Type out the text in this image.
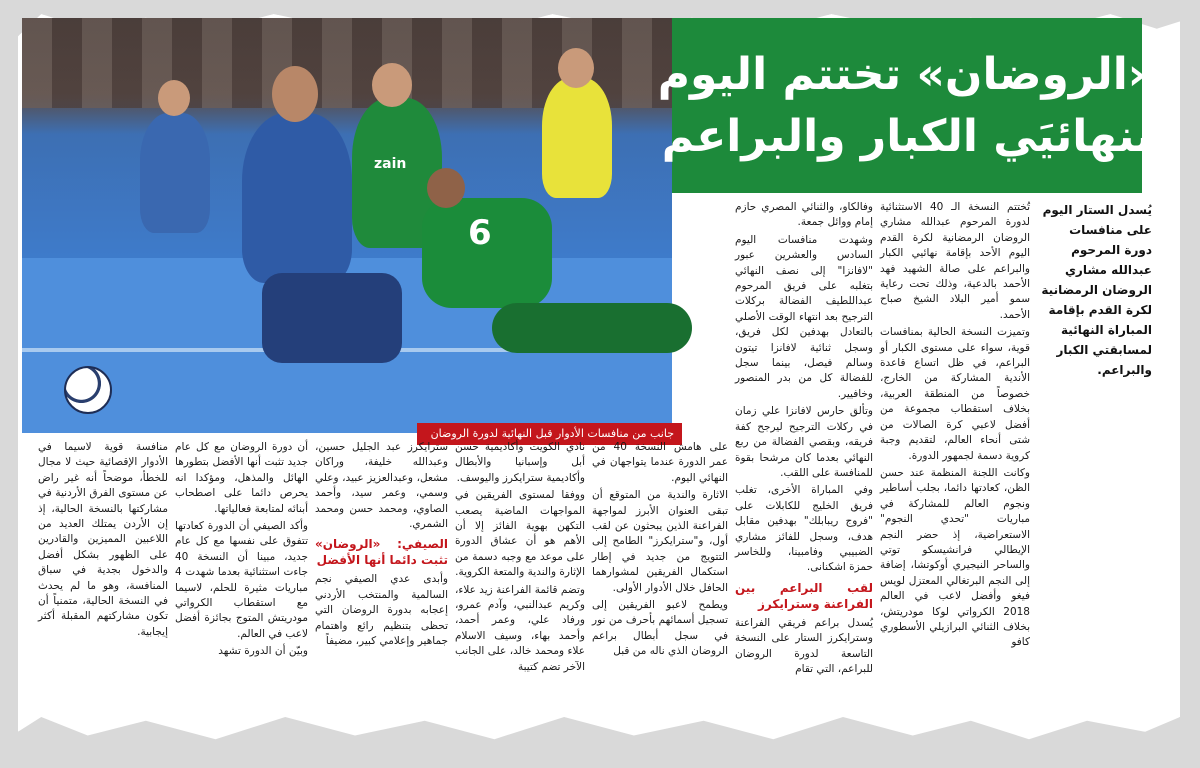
zain
6
جانب من منافسات الأدوار قبل النهائية لدورة الروضان
«الروضان» تختتم اليوم
بنهائيَي الكبار والبراعم
يُسدل الستار اليوم على منافسات دورة المرحوم عبدالله مشاري الروضان الرمضانية لكرة القدم بإقامة المباراة النهائية لمسابقتي الكبار والبراعم.

تُختتم النسخة الـ 40 الاستثنائية لدورة المرحوم عبدالله مشاري الروضان الرمضانية لكرة القدم اليوم الأحد بإقامة نهائيي الكبار والبراعم على صالة الشهيد فهد الأحمد بالدعية، وذلك تحت رعاية سمو أمير البلاد الشيخ صباح الأحمد.

وتميزت النسخة الحالية بمنافسات قوية، سواء على مستوى الكبار أو البراعم، في ظل اتساع قاعدة الأندية المشاركة من الخارج، خصوصاً من المنطقة العربية، بخلاف استقطاب مجموعة من أفضل لاعبي كرة الصالات من شتى أنحاء العالم، لتقديم وجبة كروية دسمة لجمهور الدورة.

وكانت اللجنة المنظمة عند حسن الظن، كعادتها دائما، بجلب أساطير ونجوم العالم للمشاركة في مباريات "تحدي النجوم" الاستعراضية، إذ حضر النجم الإيطالي فرانشيسكو توتي والساحر النيجيري أوكوتشا، إضافة إلى النجم البرتغالي المعتزل لويس فيغو وأفضل لاعب في العالم 2018 الكرواتي لوكا مودريتش، بخلاف الثنائي البرازيلي الأسطوري كافو

وفالكاو، والثنائي المصري حازم إمام ووائل جمعة.

وشهدت منافسات اليوم السادس والعشرين عبور "لافانزا" إلى نصف النهائي بتغلبه على فريق المرحوم عبداللطيف الفضالة بركلات الترجيح بعد انتهاء الوقت الأصلي بالتعادل بهدفين لكل فريق، وسجل ثنائية لافانزا تيتون وسالم فيصل، بينما سجل للفضالة كل من بدر المنصور وخافيير.

وتألق حارس لافانزا علي زمان في ركلات الترجيح ليرجح كفة فريقه، وبقصي الفضالة من ربع النهائي بعدما كان مرشحا بقوة للمنافسة على اللقب.

وفي المباراة الأخرى، تغلب فريق الخليج للكابلات على "فروج ريبابلك" بهدفين مقابل هدف، وسجل للفائز مشاري الضبيبي وفامبينا، وللخاسر حمزة اشكنانى.

لقب البراعم بين الفراعنة وسترايكرز

يُسدل براعم فريقي الفراعنة وسترايكرز الستار على النسخة التاسعة لدورة الروضان للبراعم، التي تقام

على هامش النسخة 40 من عمر الدورة عندما يتواجهان في النهائي اليوم.

الاثارة والندية من المتوقع أن تبقى العنوان الأبرز لمواجهة الفراعنة الذين يبحثون عن لقب أول، و"سترايكرز" الطامح إلى التتويج من جديد في إطار استكمال الفريقين لمشوارهما الحافل خلال الأدوار الأولى.

ويطمح لاعبو الفريقين إلى تسجيل أسمائهم بأحرف من نور في سجل أبطال براعم الروضان الذي ناله من قبل

نادي الكويت وأكاديمية حسن أبل وإسبانيا والأبطال وأكاديمية سترايكرز واليوسف.

ووفقا لمستوى الفريقين في المواجهات الماضية يصعب التكهن بهوية الفائز إلا أن الأهم هو أن عشاق الدورة على موعد مع وجبه دسمة من الإثارة والندية والمتعة الكروية.

وتضم قائمة الفراعنة زيد علاء، وكريم عبدالنبي، وآدم عمرو، ورفاد علي، وعمر أحمد، وأحمد بهاء، وسيف الاسلام علاء ومحمد خالد، على الجانب الآخر تضم كتيبة

سترايكرز عبد الجليل حسين، وعبدالله خليفة، وراكان مشعل، وعبدالعزيز عبيد، وعلي وسمي، وعمر سيد، وأحمد الصاوي، ومحمد حسن ومحمد الشمري.

الصيفي: «الروضان» تثبت دائما أنها الأفضل

وأبدى عدي الصيفي نجم السالمية والمنتخب الأردني إعجابه بدورة الروضان التي تحظى بتنظيم رائع واهتمام جماهير وإعلامي كبير، مضيفاً

أن دورة الروضان مع كل عام جديد تثبت أنها الأفضل بتطورها الهائل والمذهل، ومؤكدا انه يحرص دائما على اصطحاب أبنائه لمتابعة فعالياتها.

وأكد الصيفي أن الدورة كعادتها تتفوق على نفسها مع كل عام جديد، مبينا أن النسخة 40 جاءت استثنائية بعدما شهدت 4 مباريات مثيرة للحلم، لاسيما مع استقطاب الكرواتي مودريتش المتوج بجائزة أفضل لاعب في العالم.

وبيّن أن الدورة تشهد

منافسة قوية لاسيما في الأدوار الإقصائية حيث لا مجال للخطأ، موضحاً أنه غير راض عن مستوى الفرق الأردنية في مشاركتها بالنسخة الحالية، إذ إن الأردن يمتلك العديد من اللاعبين المميزين والقادرين على الظهور بشكل أفضل والدخول بجدية في سباق المنافسة، وهو ما لم يحدث في النسخة الحالية، متمنياً أن تكون مشاركتهم المقبلة أكثر إيجابية.
